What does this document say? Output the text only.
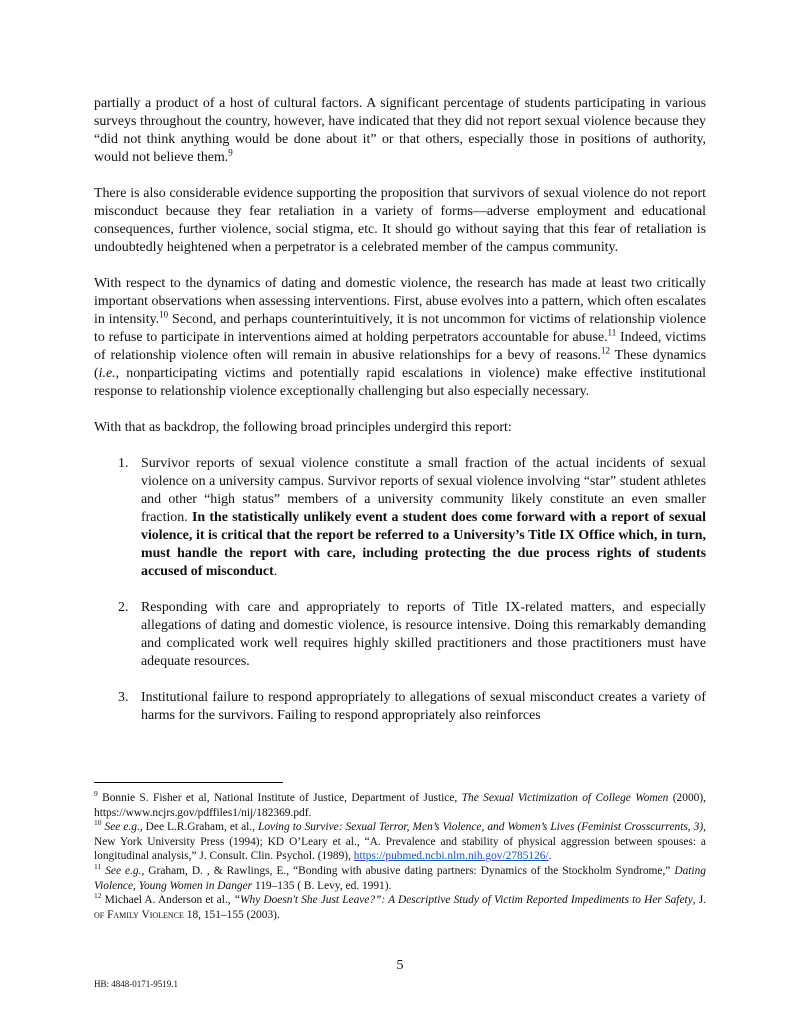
partially a product of a host of cultural factors. A significant percentage of students participating in various surveys throughout the country, however, have indicated that they did not report sexual violence because they “did not think anything would be done about it” or that others, especially those in positions of authority, would not believe them.$^9$

There is also considerable evidence supporting the proposition that survivors of sexual violence do not report misconduct because they fear retaliation in a variety of forms—adverse employment and educational consequences, further violence, social stigma, etc. It should go without saying that this fear of retaliation is undoubtedly heightened when a perpetrator is a celebrated member of the campus community.

With respect to the dynamics of dating and domestic violence, the research has made at least two critically important observations when assessing interventions. First, abuse evolves into a pattern, which often escalates in intensity.$^{10}$ Second, and perhaps counterintuitively, it is not uncommon for victims of relationship violence to refuse to participate in interventions aimed at holding perpetrators accountable for abuse.$^{11}$ Indeed, victims of relationship violence often will remain in abusive relationships for a bevy of reasons.$^{12}$ These dynamics (i.e., nonparticipating victims and potentially rapid escalations in violence) make effective institutional response to relationship violence exceptionally challenging but also especially necessary.

With that as backdrop, the following broad principles undergird this report:

1. Survivor reports of sexual violence constitute a small fraction of the actual incidents of sexual violence on a university campus. Survivor reports of sexual violence involving “star” student athletes and other “high status” members of a university community likely constitute an even smaller fraction. In the statistically unlikely event a student does come forward with a report of sexual violence, it is critical that the report be referred to a University’s Title IX Office which, in turn, must handle the report with care, including protecting the due process rights of students accused of misconduct.
2. Responding with care and appropriately to reports of Title IX-related matters, and especially allegations of dating and domestic violence, is resource intensive. Doing this remarkably demanding and complicated work well requires highly skilled practitioners and those practitioners must have adequate resources.
3. Institutional failure to respond appropriately to allegations of sexual misconduct creates a variety of harms for the survivors. Failing to respond appropriately also reinforces

$^9$ Bonnie S. Fisher et al, National Institute of Justice, Department of Justice, The Sexual Victimization of College Women (2000), https://www.ncjrs.gov/pdffiles1/nij/182369.pdf.

$^{10}$ See e.g., Dee L.R.Graham, et al., Loving to Survive: Sexual Terror, Men’s Violence, and Women’s Lives (Feminist Crosscurrents, 3), New York University Press (1994); KD O’Leary et al., “A. Prevalence and stability of physical aggression between spouses: a longitudinal analysis,” J. Consult. Clin. Psychol. (1989), https://pubmed.ncbi.nlm.nih.gov/2785126/.

$^{11}$ See e.g., Graham, D. , & Rawlings, E., “Bonding with abusive dating partners: Dynamics of the Stockholm Syndrome,” Dating Violence, Young Women in Danger 119–135 ( B. Levy, ed. 1991).

$^{12}$ Michael A. Anderson et al., “Why Doesn't She Just Leave?”: A Descriptive Study of Victim Reported Impediments to Her Safety, J. of Family Violence 18, 151–155 (2003).

5
HB: 4848-0171-9519.1
